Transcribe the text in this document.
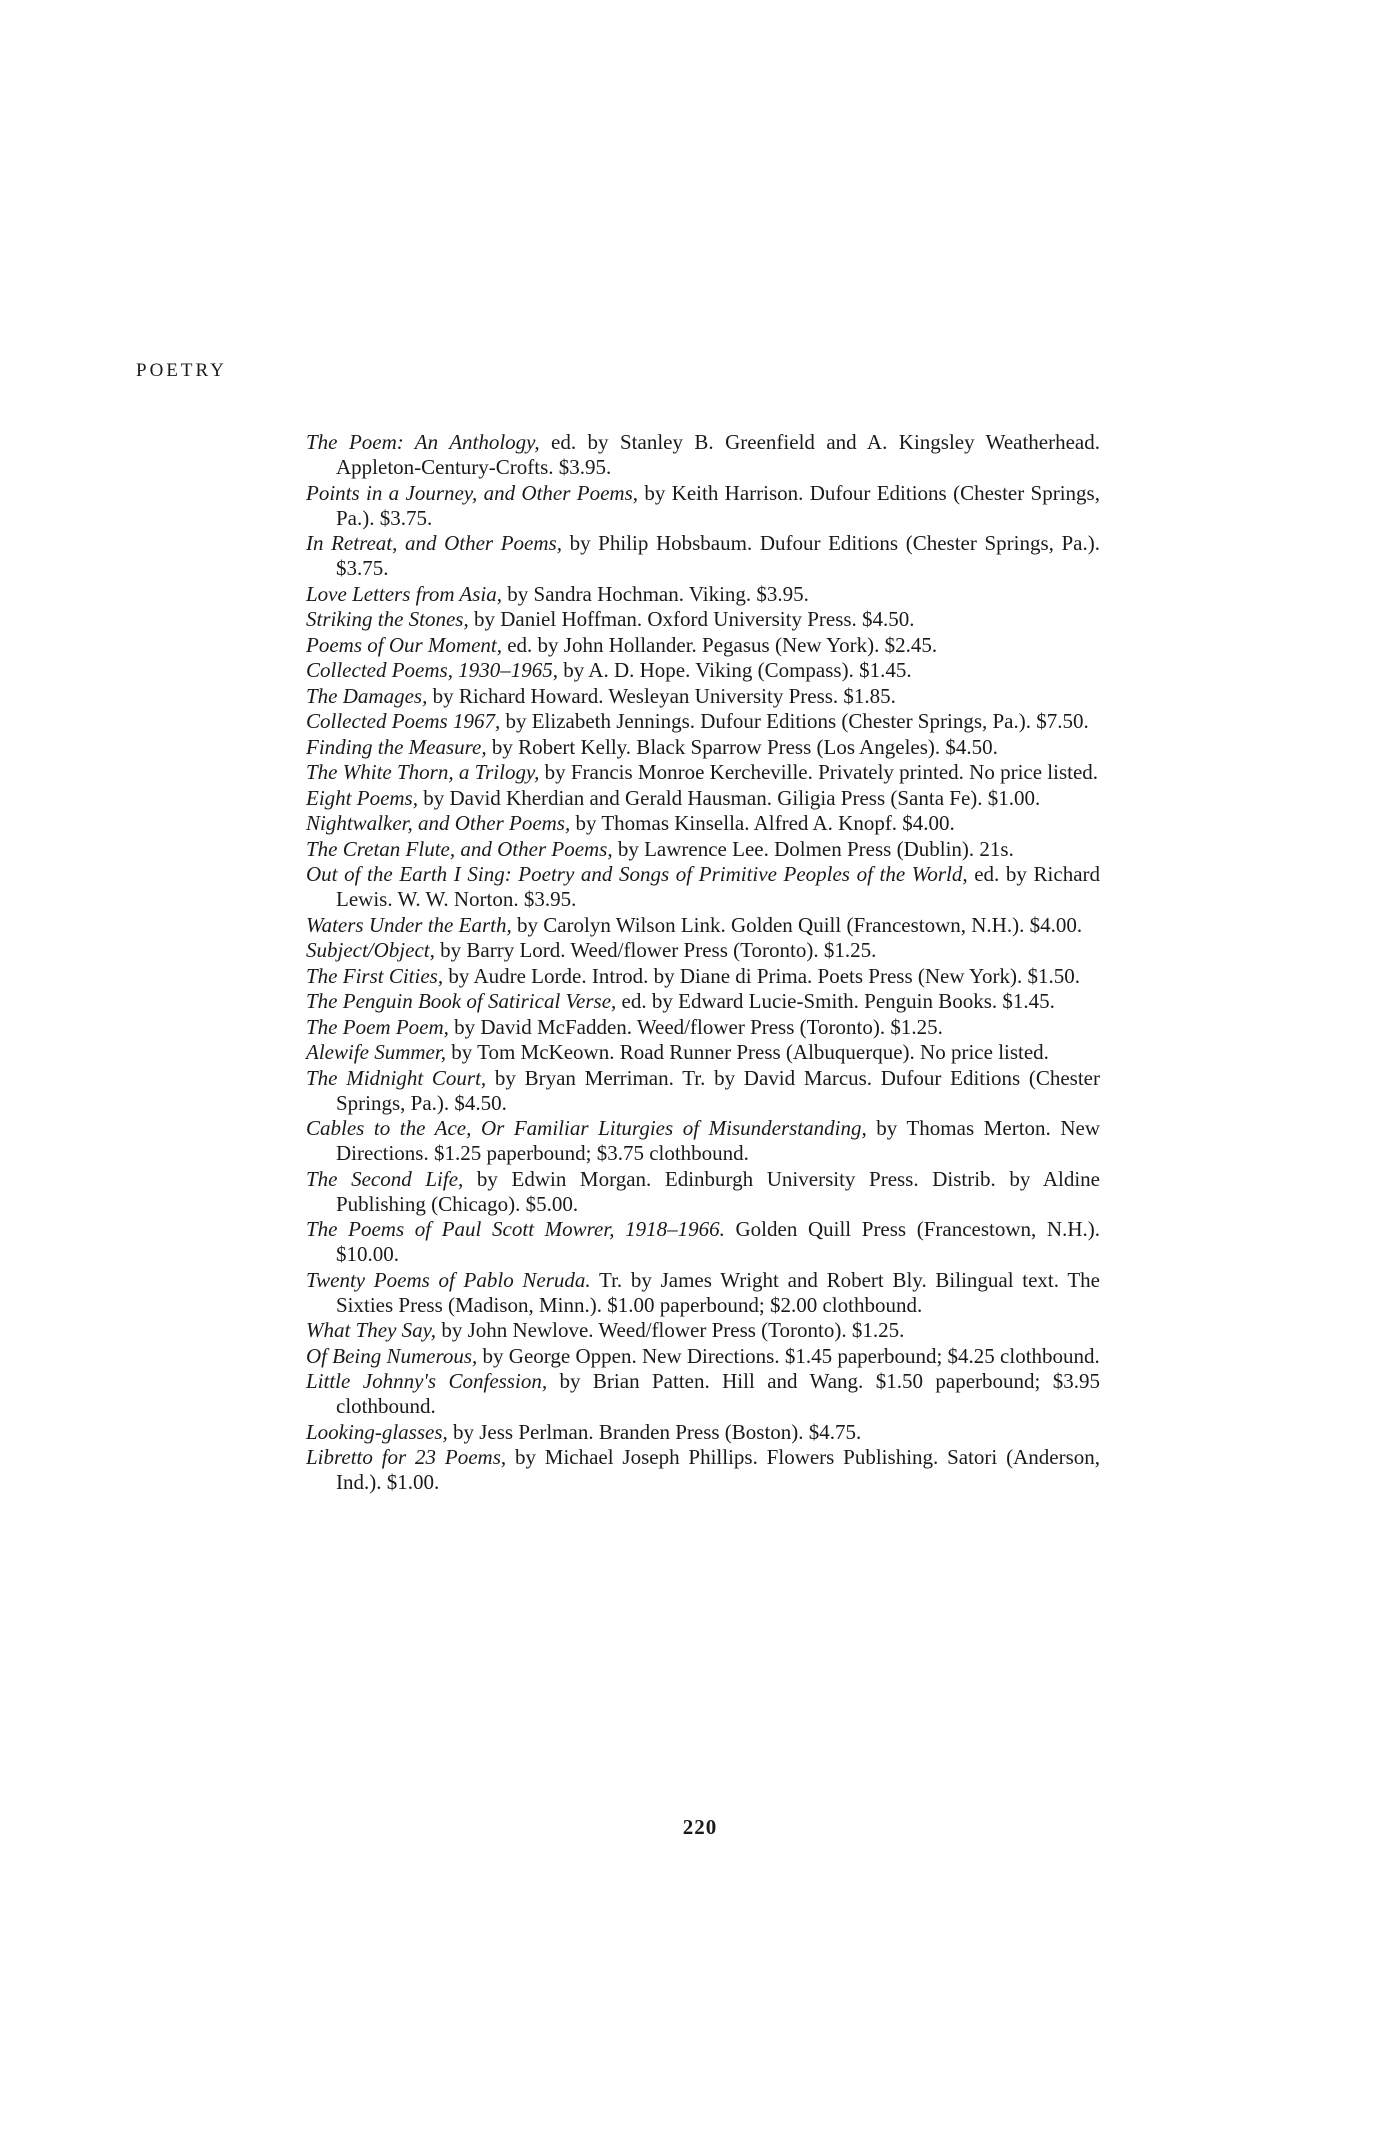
POETRY
The Poem: An Anthology, ed. by Stanley B. Greenfield and A. Kingsley Weatherhead. Appleton-Century-Crofts. $3.95.
Points in a Journey, and Other Poems, by Keith Harrison. Dufour Editions (Chester Springs, Pa.). $3.75.
In Retreat, and Other Poems, by Philip Hobsbaum. Dufour Editions (Chester Springs, Pa.). $3.75.
Love Letters from Asia, by Sandra Hochman. Viking. $3.95.
Striking the Stones, by Daniel Hoffman. Oxford University Press. $4.50.
Poems of Our Moment, ed. by John Hollander. Pegasus (New York). $2.45.
Collected Poems, 1930–1965, by A. D. Hope. Viking (Compass). $1.45.
The Damages, by Richard Howard. Wesleyan University Press. $1.85.
Collected Poems 1967, by Elizabeth Jennings. Dufour Editions (Chester Springs, Pa.). $7.50.
Finding the Measure, by Robert Kelly. Black Sparrow Press (Los Angeles). $4.50.
The White Thorn, a Trilogy, by Francis Monroe Kercheville. Privately printed. No price listed.
Eight Poems, by David Kherdian and Gerald Hausman. Giligia Press (Santa Fe). $1.00.
Nightwalker, and Other Poems, by Thomas Kinsella. Alfred A. Knopf. $4.00.
The Cretan Flute, and Other Poems, by Lawrence Lee. Dolmen Press (Dublin). 21s.
Out of the Earth I Sing: Poetry and Songs of Primitive Peoples of the World, ed. by Richard Lewis. W. W. Norton. $3.95.
Waters Under the Earth, by Carolyn Wilson Link. Golden Quill (Francestown, N.H.). $4.00.
Subject/Object, by Barry Lord. Weed/flower Press (Toronto). $1.25.
The First Cities, by Audre Lorde. Introd. by Diane di Prima. Poets Press (New York). $1.50.
The Penguin Book of Satirical Verse, ed. by Edward Lucie-Smith. Penguin Books. $1.45.
The Poem Poem, by David McFadden. Weed/flower Press (Toronto). $1.25.
Alewife Summer, by Tom McKeown. Road Runner Press (Albuquerque). No price listed.
The Midnight Court, by Bryan Merriman. Tr. by David Marcus. Dufour Editions (Chester Springs, Pa.). $4.50.
Cables to the Ace, Or Familiar Liturgies of Misunderstanding, by Thomas Merton. New Directions. $1.25 paperbound; $3.75 clothbound.
The Second Life, by Edwin Morgan. Edinburgh University Press. Distrib. by Aldine Publishing (Chicago). $5.00.
The Poems of Paul Scott Mowrer, 1918–1966. Golden Quill Press (Francestown, N.H.). $10.00.
Twenty Poems of Pablo Neruda. Tr. by James Wright and Robert Bly. Bilingual text. The Sixties Press (Madison, Minn.). $1.00 paperbound; $2.00 clothbound.
What They Say, by John Newlove. Weed/flower Press (Toronto). $1.25.
Of Being Numerous, by George Oppen. New Directions. $1.45 paperbound; $4.25 clothbound.
Little Johnny's Confession, by Brian Patten. Hill and Wang. $1.50 paperbound; $3.95 clothbound.
Looking-glasses, by Jess Perlman. Branden Press (Boston). $4.75.
Libretto for 23 Poems, by Michael Joseph Phillips. Flowers Publishing. Satori (Anderson, Ind.). $1.00.
220
